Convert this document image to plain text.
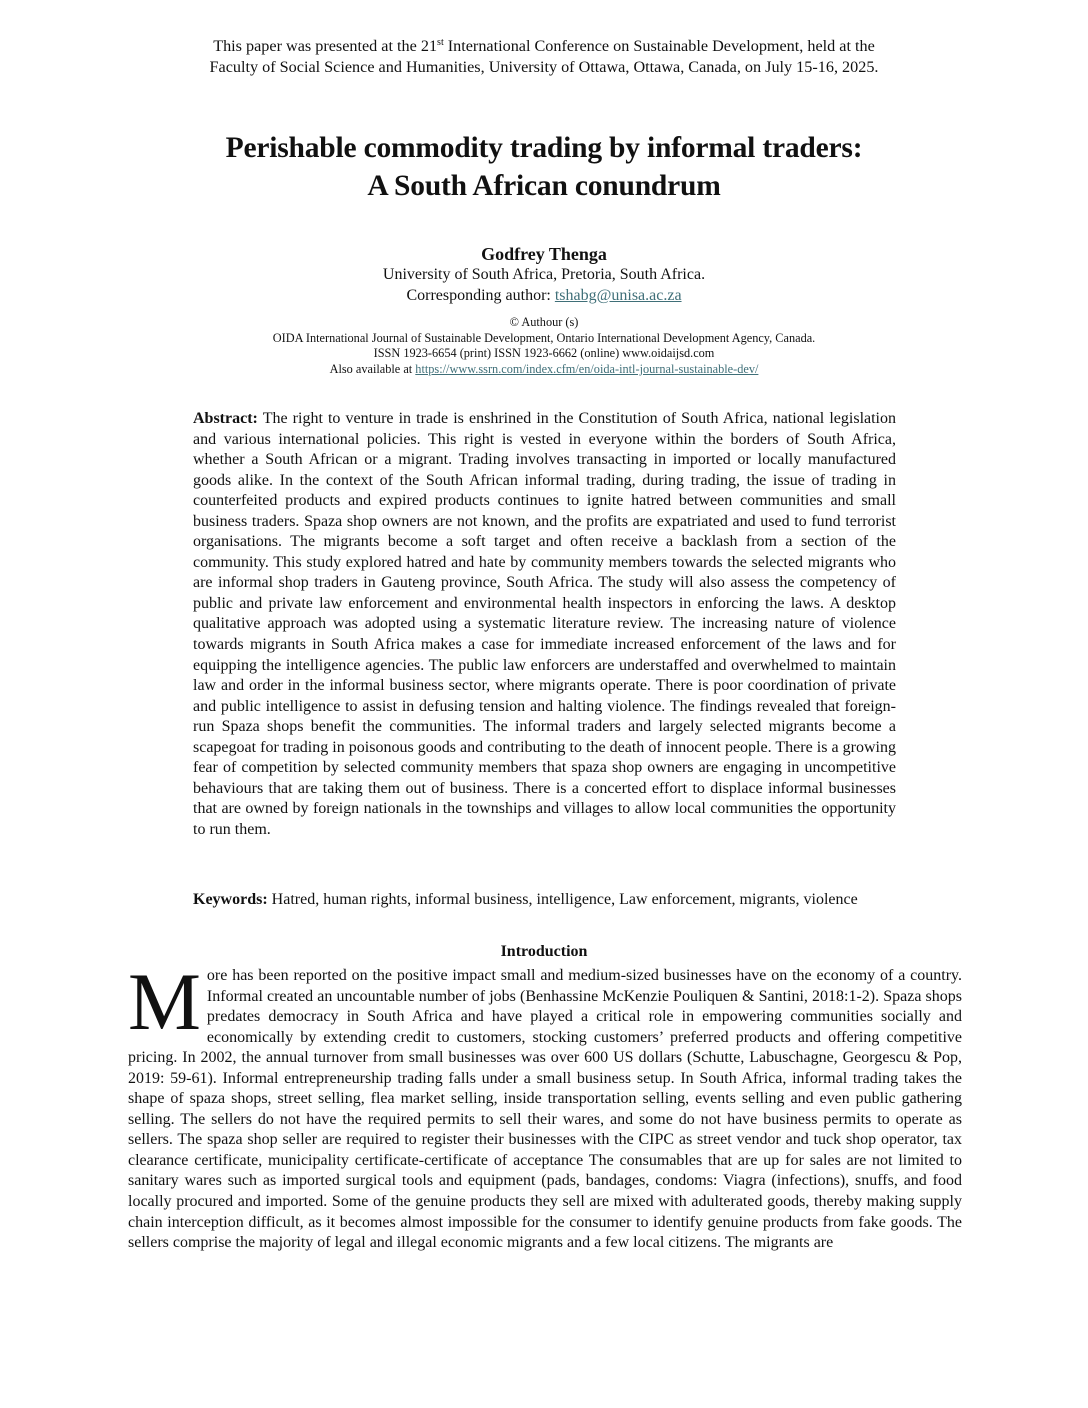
This paper was presented at the 21st International Conference on Sustainable Development, held at the
Faculty of Social Science and Humanities, University of Ottawa, Ottawa, Canada, on July 15-16, 2025.
Perishable commodity trading by informal traders:
A South African conundrum
Godfrey Thenga
University of South Africa, Pretoria, South Africa.
Corresponding author: tshabg@unisa.ac.za
© Authour (s)
OIDA International Journal of Sustainable Development, Ontario International Development Agency, Canada.
ISSN 1923-6654 (print) ISSN 1923-6662 (online) www.oidaijsd.com
Also available at https://www.ssrn.com/index.cfm/en/oida-intl-journal-sustainable-dev/
Abstract: The right to venture in trade is enshrined in the Constitution of South Africa, national legislation and various international policies. This right is vested in everyone within the borders of South Africa, whether a South African or a migrant. Trading involves transacting in imported or locally manufactured goods alike. In the context of the South African informal trading, during trading, the issue of trading in counterfeited products and expired products continues to ignite hatred between communities and small business traders. Spaza shop owners are not known, and the profits are expatriated and used to fund terrorist organisations. The migrants become a soft target and often receive a backlash from a section of the community. This study explored hatred and hate by community members towards the selected migrants who are informal shop traders in Gauteng province, South Africa. The study will also assess the competency of public and private law enforcement and environmental health inspectors in enforcing the laws. A desktop qualitative approach was adopted using a systematic literature review. The increasing nature of violence towards migrants in South Africa makes a case for immediate increased enforcement of the laws and for equipping the intelligence agencies. The public law enforcers are understaffed and overwhelmed to maintain law and order in the informal business sector, where migrants operate. There is poor coordination of private and public intelligence to assist in defusing tension and halting violence. The findings revealed that foreign-run Spaza shops benefit the communities. The informal traders and largely selected migrants become a scapegoat for trading in poisonous goods and contributing to the death of innocent people. There is a growing fear of competition by selected community members that spaza shop owners are engaging in uncompetitive behaviours that are taking them out of business. There is a concerted effort to displace informal businesses that are owned by foreign nationals in the townships and villages to allow local communities the opportunity to run them.
Keywords: Hatred, human rights, informal business, intelligence, Law enforcement, migrants, violence
Introduction
More has been reported on the positive impact small and medium-sized businesses have on the economy of a country. Informal created an uncountable number of jobs (Benhassine McKenzie Pouliquen & Santini, 2018:1-2). Spaza shops predates democracy in South Africa and have played a critical role in empowering communities socially and economically by extending credit to customers, stocking customers’ preferred products and offering competitive pricing. In 2002, the annual turnover from small businesses was over 600 US dollars (Schutte, Labuschagne, Georgescu & Pop, 2019: 59-61). Informal entrepreneurship trading falls under a small business setup. In South Africa, informal trading takes the shape of spaza shops, street selling, flea market selling, inside transportation selling, events selling and even public gathering selling. The sellers do not have the required permits to sell their wares, and some do not have business permits to operate as sellers. The spaza shop seller are required to register their businesses with the CIPC as street vendor and tuck shop operator, tax clearance certificate, municipality certificate-certificate of acceptance The consumables that are up for sales are not limited to sanitary wares such as imported surgical tools and equipment (pads, bandages, condoms: Viagra (infections), snuffs, and food locally procured and imported. Some of the genuine products they sell are mixed with adulterated goods, thereby making supply chain interception difficult, as it becomes almost impossible for the consumer to identify genuine products from fake goods. The sellers comprise the majority of legal and illegal economic migrants and a few local citizens. The migrants are
